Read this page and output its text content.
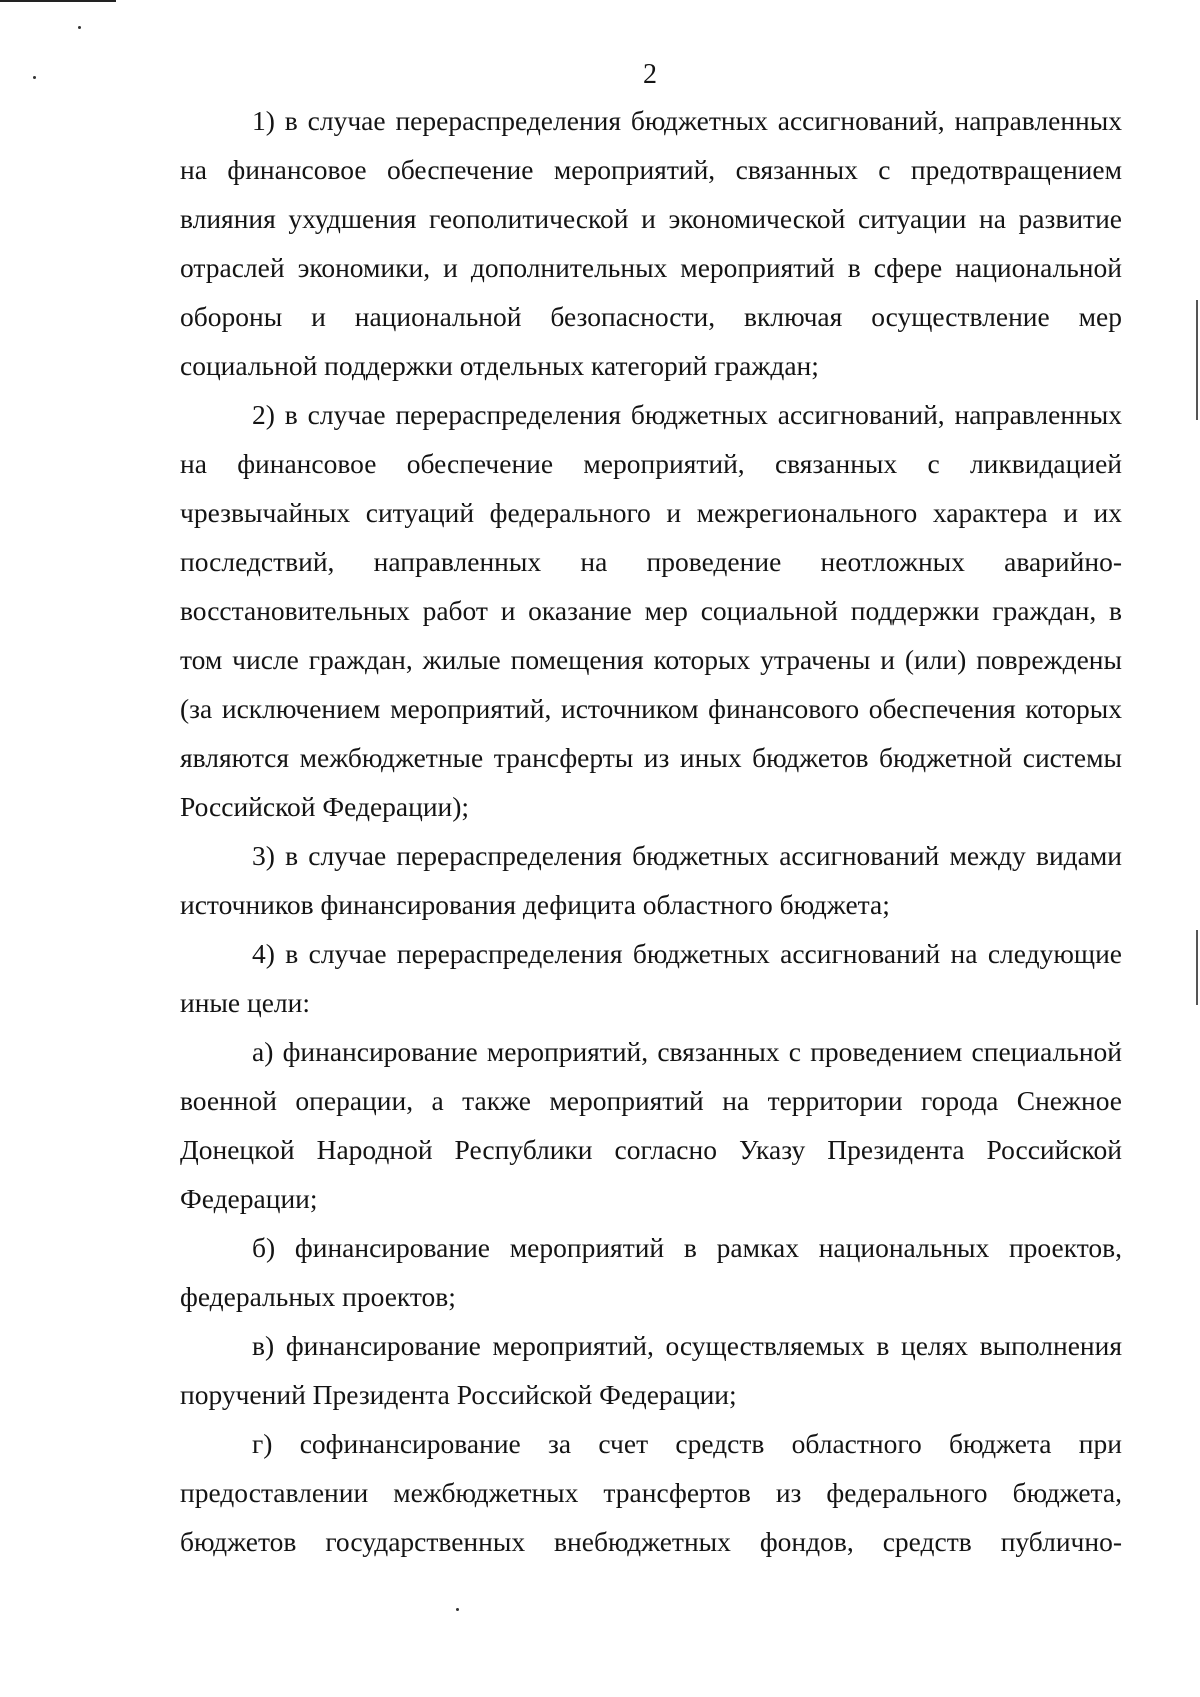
2

1) в случае перераспределения бюджетных ассигнований, направленных на финансовое обеспечение мероприятий, связанных с предотвращением влияния ухудшения геополитической и экономической ситуации на развитие отраслей экономики, и дополнительных мероприятий в сфере национальной обороны и национальной безопасности, включая осуществление мер социальной поддержки отдельных категорий граждан;

2) в случае перераспределения бюджетных ассигнований, направленных на финансовое обеспечение мероприятий, связанных с ликвидацией чрезвычайных ситуаций федерального и межрегионального характера и их последствий, направленных на проведение неотложных аварийно-восстановительных работ и оказание мер социальной поддержки граждан, в том числе граждан, жилые помещения которых утрачены и (или) повреждены (за исключением мероприятий, источником финансового обеспечения которых являются межбюджетные трансферты из иных бюджетов бюджетной системы Российской Федерации);

3) в случае перераспределения бюджетных ассигнований между видами источников финансирования дефицита областного бюджета;

4) в случае перераспределения бюджетных ассигнований на следующие иные цели:

а) финансирование мероприятий, связанных с проведением специальной военной операции, а также мероприятий на территории города Снежное Донецкой Народной Республики согласно Указу Президента Российской Федерации;

б) финансирование мероприятий в рамках национальных проектов, федеральных проектов;

в) финансирование мероприятий, осуществляемых в целях выполнения поручений Президента Российской Федерации;

г) софинансирование за счет средств областного бюджета при предоставлении межбюджетных трансфертов из федерального бюджета, бюджетов государственных внебюджетных фондов, средств публично-
